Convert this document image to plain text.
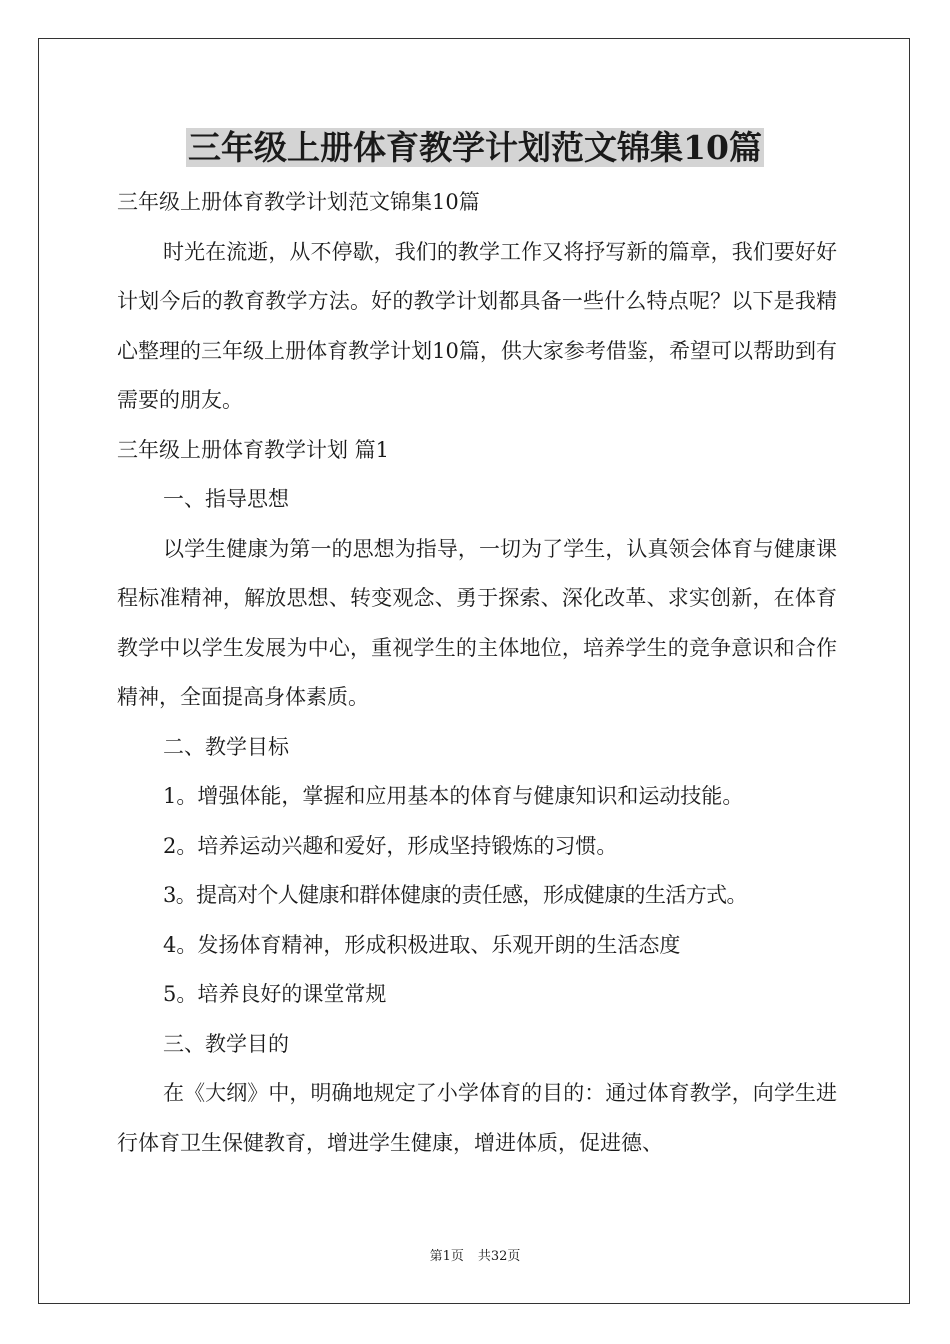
三年级上册体育教学计划范文锦集10篇

三年级上册体育教学计划范文锦集10篇

时光在流逝，从不停歇，我们的教学工作又将抒写新的篇章，我们要好好计划今后的教育教学方法。好的教学计划都具备一些什么特点呢？以下是我精心整理的三年级上册体育教学计划10篇，供大家参考借鉴，希望可以帮助到有需要的朋友。

三年级上册体育教学计划 篇1

一、指导思想

以学生健康为第一的思想为指导，一切为了学生，认真领会体育与健康课程标准精神，解放思想、转变观念、勇于探索、深化改革、求实创新，在体育教学中以学生发展为中心，重视学生的主体地位，培养学生的竞争意识和合作精神，全面提高身体素质。

二、教学目标

1。增强体能，掌握和应用基本的体育与健康知识和运动技能。

2。培养运动兴趣和爱好，形成坚持锻炼的习惯。

3。提高对个人健康和群体健康的责任感，形成健康的生活方式。

4。发扬体育精神，形成积极进取、乐观开朗的生活态度

5。培养良好的课堂常规

三、教学目的

在《大纲》中，明确地规定了小学体育的目的：通过体育教学，向学生进行体育卫生保健教育，增进学生健康，增进体质，促进德、

第1页 共32页
